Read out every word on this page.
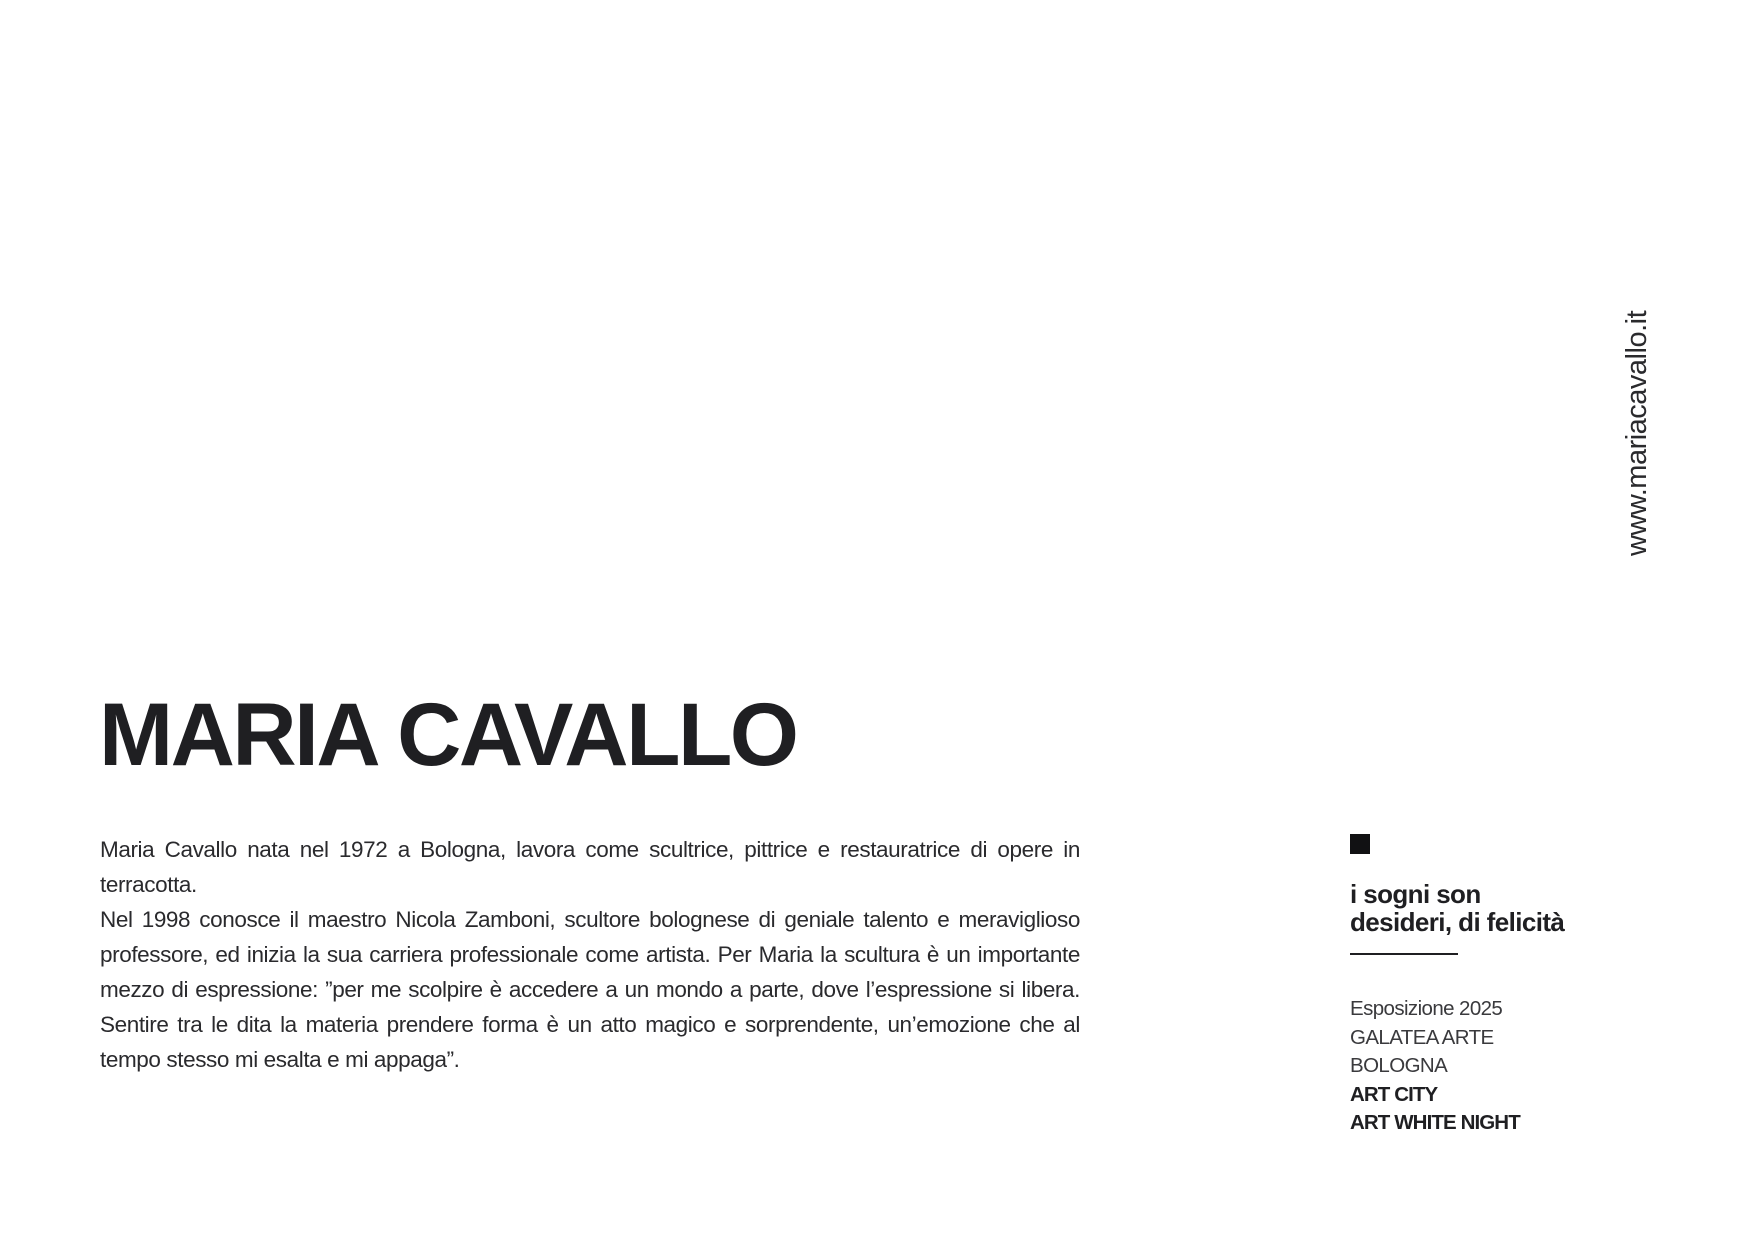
www.mariacavallo.it
MARIA CAVALLO

Maria Cavallo nata nel 1972 a Bologna, lavora come scultrice, pittrice e restauratrice di opere in terracotta.

Nel 1998 conosce il maestro Nicola Zamboni, scultore bolognese di geniale talento e meraviglioso professore, ed inizia la sua carriera professionale come artista. Per Maria la scultura è un importante mezzo di espressione: ”per me scolpire è accedere a un mondo a parte, dove l’espressione si libera. Sentire tra le dita la materia prendere forma è un atto magico e sorprendente, un’emozione che al tempo stesso mi esalta e mi appaga”.

i sogni son
desideri, di felicità

Esposizione 2025
GALATEA ARTE
BOLOGNA
ART CITY
ART WHITE NIGHT
